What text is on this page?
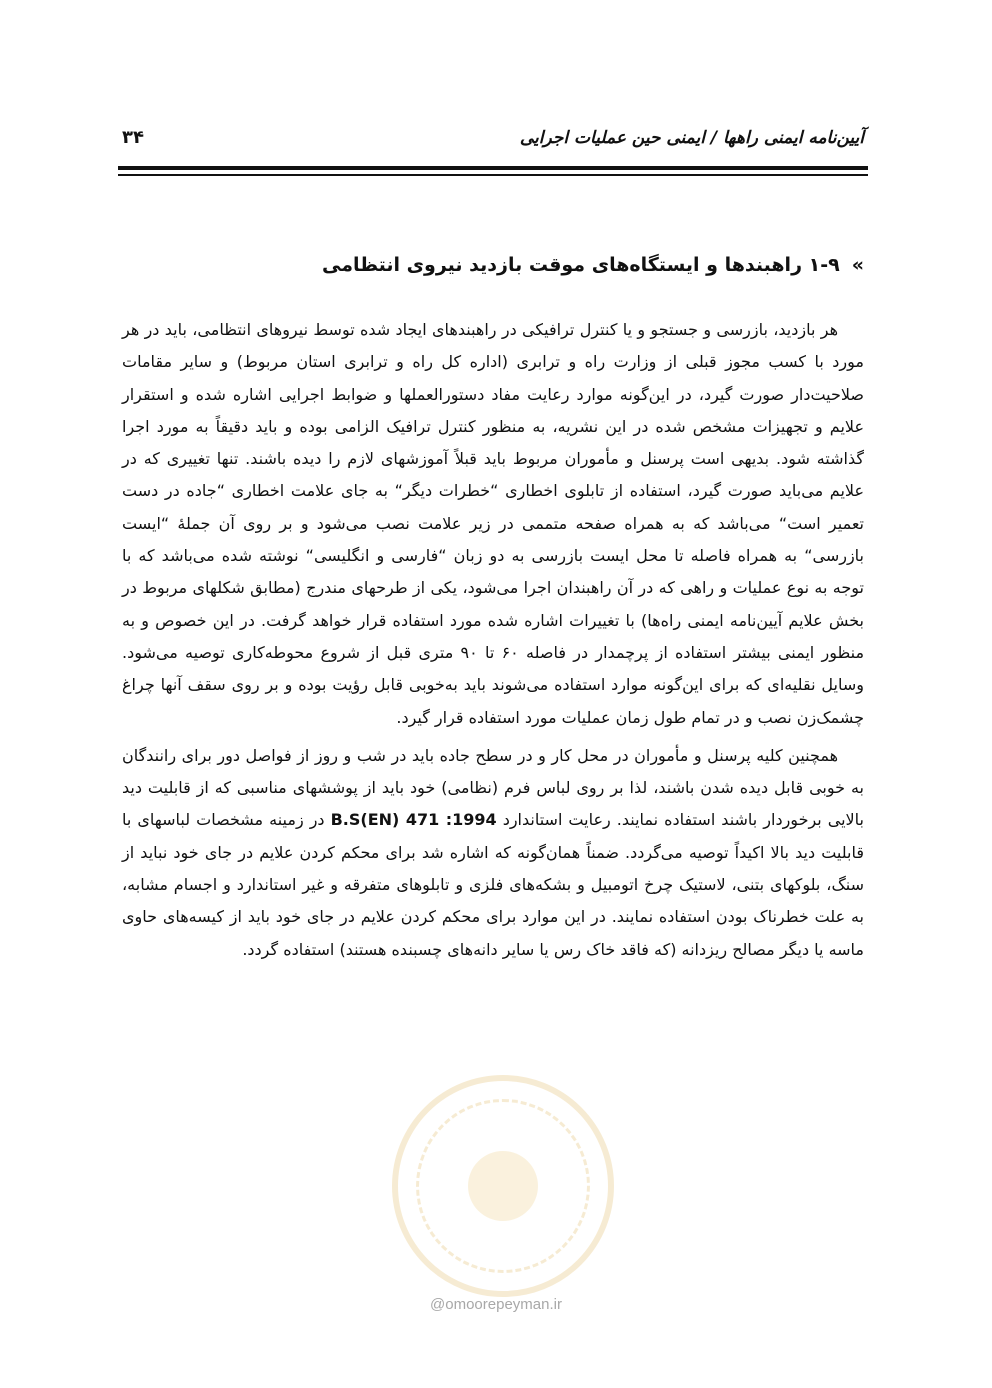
آیین‌نامه ایمنی راهها / ایمنی حین عملیات اجرایی
۳۴
»۱-۹ راهبندها و ایستگاه‌های موقت بازدید نیروی انتظامی

هر بازدید، بازرسی و جستجو و یا کنترل ترافیکی در راهبندهای ایجاد شده توسط نیروهای انتظامی، باید در هر مورد با کسب مجوز قبلی از وزارت راه و ترابری (اداره کل راه و ترابری استان مربوط) و سایر مقامات صلاحیت‌دار صورت گیرد، در این‌گونه موارد رعایت مفاد دستورالعملها و ضوابط اجرایی اشاره شده و استقرار علایم و تجهیزات مشخص شده در این نشریه، به منظور کنترل ترافیک الزامی بوده و باید دقیقاً به مورد اجرا گذاشته شود. بدیهی است پرسنل و مأموران مربوط باید قبلاً آموزشهای لازم را دیده باشند. تنها تغییری که در علایم می‌باید صورت گیرد، استفاده از تابلوی اخطاری “خطرات دیگر“ به جای علامت اخطاری “جاده در دست تعمیر است“ می‌باشد که به همراه صفحه متممی در زیر علامت نصب می‌شود و بر روی آن جملهٔ “ایست بازرسی“ به همراه فاصله تا محل ایست بازرسی به دو زبان “فارسی و انگلیسی“ نوشته شده می‌باشد که با توجه به نوع عملیات و راهی که در آن راهبندان اجرا می‌شود، یکی از طرحهای مندرج (مطابق شکلهای مربوط در بخش علایم آیین‌نامه ایمنی راه‌ها) با تغییرات اشاره شده مورد استفاده قرار خواهد گرفت. در این خصوص و به منظور ایمنی بیشتر استفاده از پرچمدار در فاصله ۶۰ تا ۹۰ متری قبل از شروع محوطه‌کاری توصیه می‌شود. وسایل نقلیه‌ای که برای این‌گونه موارد استفاده می‌شوند باید به‌خوبی قابل رؤیت بوده و بر روی سقف آنها چراغ چشمک‌زن نصب و در تمام طول زمان عملیات مورد استفاده قرار گیرد.

همچنین کلیه پرسنل و مأموران در محل کار و در سطح جاده باید در شب و روز از فواصل دور برای رانندگان به خوبی قابل دیده شدن باشند، لذا بر روی لباس فرم (نظامی) خود باید از پوششهای مناسبی که از قابلیت دید بالایی برخوردار باشند استفاده نمایند. رعایت استاندارد B.S(EN) 471 :1994 در زمینه مشخصات لباسهای با قابلیت دید بالا اکیداً توصیه می‌گردد. ضمناً همان‌گونه که اشاره شد برای محکم کردن علایم در جای خود نباید از سنگ، بلوکهای بتنی، لاستیک چرخ اتومبیل و بشکه‌های فلزی و تابلوهای متفرقه و غیر استاندارد و اجسام مشابه، به علت خطرناک بودن استفاده نمایند. در این موارد برای محکم کردن علایم در جای خود باید از کیسه‌های حاوی ماسه یا دیگر مصالح ریزدانه (که فاقد خاک رس یا سایر دانه‌های چسبنده هستند) استفاده گردد.

@omoorepeyman.ir
